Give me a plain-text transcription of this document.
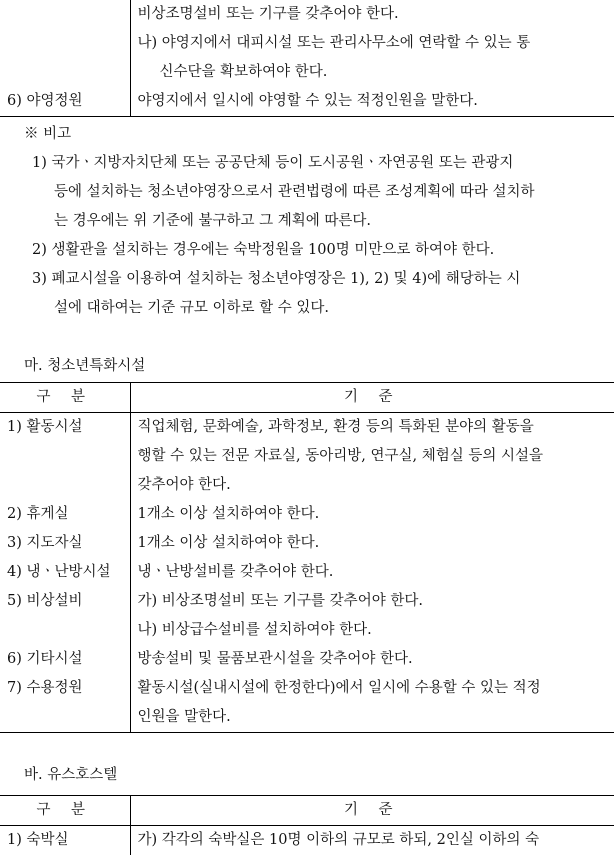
	비상조명설비 또는 기구를 갖추어야 한다.

	나) 야영지에서 대피시설 또는 관리사무소에 연락할 수 있는 통
신수단을 확보하여야 한다.

6) 야영정원	야영지에서 일시에 야영할 수 있는 적정인원을 말한다.
※ 비고
1) 국가ㆍ지방자치단체 또는 공공단체 등이 도시공원ㆍ자연공원 또는 관광지
등에 설치하는 청소년야영장으로서 관련법령에 따른 조성계획에 따라 설치하
는 경우에는 위 기준에 불구하고 그 계획에 따른다.
2) 생활관을 설치하는 경우에는 숙박정원을 100명 미만으로 하여야 한다.
3) 폐교시설을 이용하여 설치하는 청소년야영장은 1), 2) 및 4)에 해당하는 시
설에 대하여는 기준 규모 이하로 할 수 있다.
마. 청소년특화시설
구 분	기 준
1) 활동시설	직업체험, 문화예술, 과학정보, 환경 등의 특화된 분야의 활동을
행할 수 있는 전문 자료실, 동아리방, 연구실, 체험실 등의 시설을
갖추어야 한다.

2) 휴게실	1개소 이상 설치하여야 한다.

3) 지도자실	1개소 이상 설치하여야 한다.

4) 냉ㆍ난방시설	냉ㆍ난방설비를 갖추어야 한다.

5) 비상설비	가) 비상조명설비 또는 기구를 갖추어야 한다.
나) 비상급수설비를 설치하여야 한다.

6) 기타시설	방송설비 및 물품보관시설을 갖추어야 한다.

7) 수용정원	활동시설(실내시설에 한정한다)에서 일시에 수용할 수 있는 적정
인원을 말한다.
바. 유스호스텔
구 분	기 준
1) 숙박실	가) 각각의 숙박실은 10명 이하의 규모로 하되, 2인실 이하의 숙
